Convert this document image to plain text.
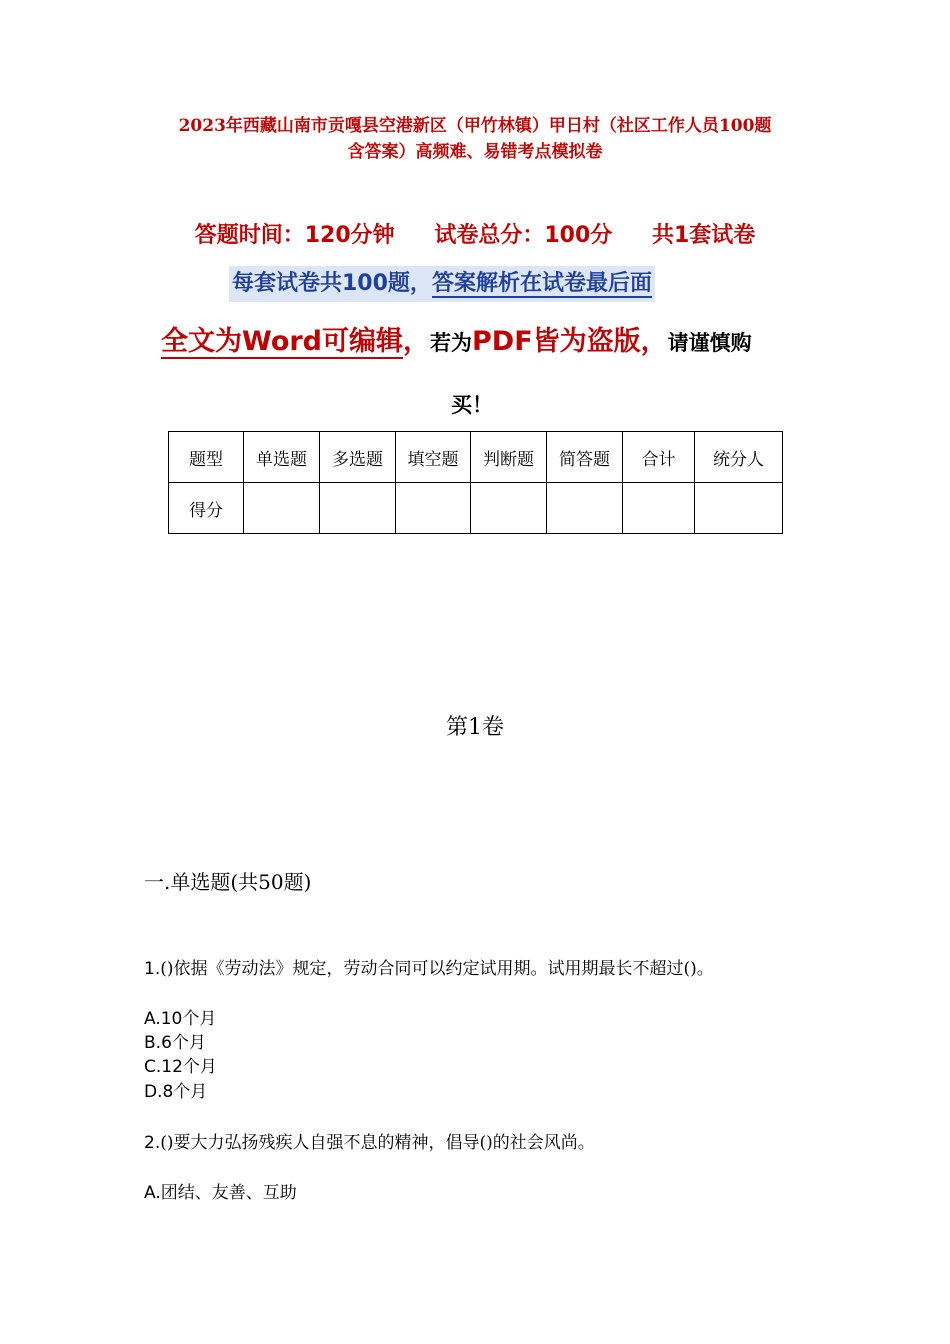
2023年西藏山南市贡嘎县空港新区（甲竹林镇）甲日村（社区工作人员100题
含答案）高频难、易错考点模拟卷
答题时间：120分钟 试卷总分：100分 共1套试卷
每套试卷共100题，答案解析在试卷最后面
全文为Word可编辑，若为PDF皆为盗版，请谨慎购
买！
题型	单选题	多选题	填空题	判断题	简答题	合计	统分人
得分							
第1卷
一.单选题(共50题)
1.()依据《劳动法》规定，劳动合同可以约定试用期。试用期最长不超过()。
A.10个月
B.6个月
C.12个月
D.8个月
2.()要大力弘扬残疾人自强不息的精神，倡导()的社会风尚。
A.团结、友善、互助
